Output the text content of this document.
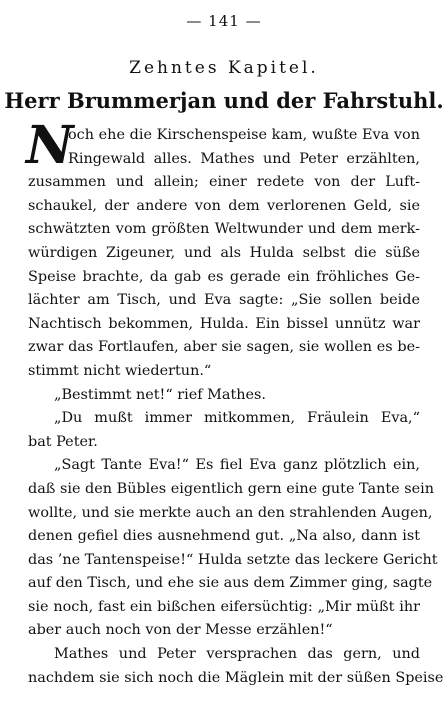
— 141 —
Zehntes Kapitel.
Herr Brummerjan und der Fahrstuhl.
N
och ehe die Kirschenspeise kam, wußte Eva von
Ringewald alles. Mathes und Peter erzählten,
zusammen und allein; einer redete von der Luft-
schaukel, der andere von dem verlorenen Geld, sie
schwätzten vom größten Weltwunder und dem merk-
würdigen Zigeuner, und als Hulda selbst die süße
Speise brachte, da gab es gerade ein fröhliches Ge-
lächter am Tisch, und Eva sagte: „Sie sollen beide
Nachtisch bekommen, Hulda. Ein bissel unnütz war
zwar das Fortlaufen, aber sie sagen, sie wollen es be-
stimmt nicht wiedertun.“
„Bestimmt net!“ rief Mathes.
„Du mußt immer mitkommen, Fräulein Eva,“
bat Peter.
„Sagt Tante Eva!“ Es fiel Eva ganz plötzlich ein,
daß sie den Bübles eigentlich gern eine gute Tante sein
wollte, und sie merkte auch an den strahlenden Augen,
denen gefiel dies ausnehmend gut. „Na also, dann ist
das ’ne Tantenspeise!“ Hulda setzte das leckere Gericht
auf den Tisch, und ehe sie aus dem Zimmer ging, sagte
sie noch, fast ein bißchen eifersüchtig: „Mir müßt ihr
aber auch noch von der Messe erzählen!“
Mathes und Peter versprachen das gern, und
nachdem sie sich noch die Mäglein mit der süßen Speise
